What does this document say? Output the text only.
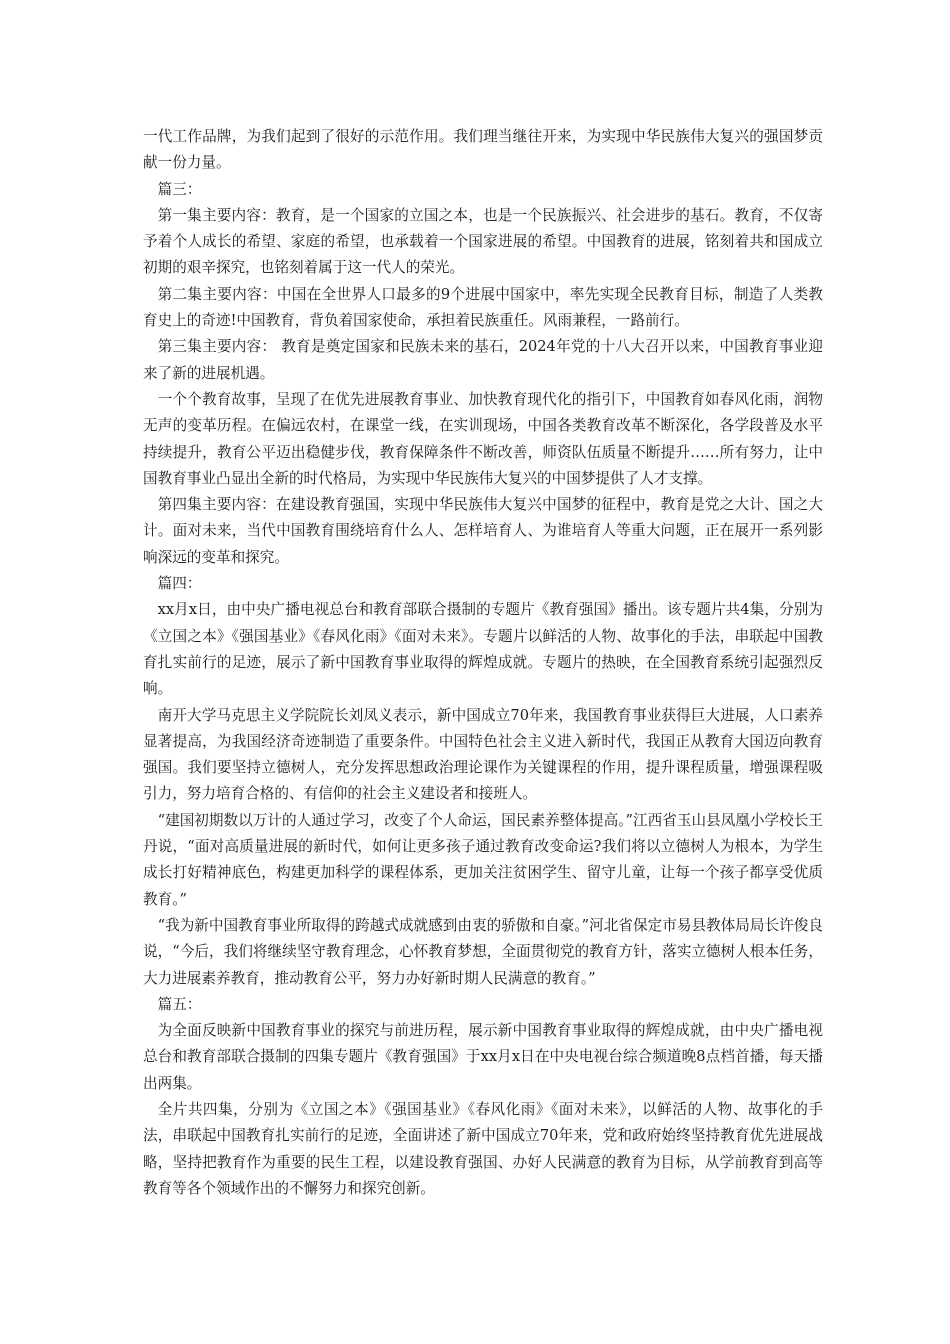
一代工作品牌，为我们起到了很好的示范作用。我们理当继往开来，为实现中华民族伟大复兴的强国梦贡献一份力量。

篇三：

第一集主要内容：教育，是一个国家的立国之本，也是一个民族振兴、社会进步的基石。教育，不仅寄予着个人成长的希望、家庭的希望，也承载着一个国家进展的希望。中国教育的进展，铭刻着共和国成立初期的艰辛探究，也铭刻着属于这一代人的荣光。

第二集主要内容：中国在全世界人口最多的9个进展中国家中，率先实现全民教育目标，制造了人类教育史上的奇迹!中国教育，背负着国家使命，承担着民族重任。风雨兼程，一路前行。

第三集主要内容： 教育是奠定国家和民族未来的基石，2024年党的十八大召开以来，中国教育事业迎来了新的进展机遇。

一个个教育故事，呈现了在优先进展教育事业、加快教育现代化的指引下，中国教育如春风化雨，润物无声的变革历程。在偏远农村，在课堂一线，在实训现场，中国各类教育改革不断深化，各学段普及水平持续提升，教育公平迈出稳健步伐，教育保障条件不断改善，师资队伍质量不断提升……所有努力，让中国教育事业凸显出全新的时代格局，为实现中华民族伟大复兴的中国梦提供了人才支撑。

第四集主要内容：在建设教育强国，实现中华民族伟大复兴中国梦的征程中，教育是党之大计、国之大计。面对未来，当代中国教育围绕培育什么人、怎样培育人、为谁培育人等重大问题，正在展开一系列影响深远的变革和探究。

篇四：

xx月x日，由中央广播电视总台和教育部联合摄制的专题片《教育强国》播出。该专题片共4集，分别为《立国之本》《强国基业》《春风化雨》《面对未来》。专题片以鲜活的人物、故事化的手法，串联起中国教育扎实前行的足迹，展示了新中国教育事业取得的辉煌成就。专题片的热映，在全国教育系统引起强烈反响。

南开大学马克思主义学院院长刘凤义表示，新中国成立70年来，我国教育事业获得巨大进展，人口素养显著提高，为我国经济奇迹制造了重要条件。中国特色社会主义进入新时代，我国正从教育大国迈向教育强国。我们要坚持立德树人，充分发挥思想政治理论课作为关键课程的作用，提升课程质量，增强课程吸引力，努力培育合格的、有信仰的社会主义建设者和接班人。

“建国初期数以万计的人通过学习，改变了个人命运，国民素养整体提高。”江西省玉山县凤凰小学校长王丹说，“面对高质量进展的新时代，如何让更多孩子通过教育改变命运?我们将以立德树人为根本，为学生成长打好精神底色，构建更加科学的课程体系，更加关注贫困学生、留守儿童，让每一个孩子都享受优质教育。”

“我为新中国教育事业所取得的跨越式成就感到由衷的骄傲和自豪。”河北省保定市易县教体局局长许俊良说，“今后，我们将继续坚守教育理念，心怀教育梦想，全面贯彻党的教育方针，落实立德树人根本任务，大力进展素养教育，推动教育公平，努力办好新时期人民满意的教育。”

篇五：

为全面反映新中国教育事业的探究与前进历程，展示新中国教育事业取得的辉煌成就，由中央广播电视总台和教育部联合摄制的四集专题片《教育强国》于xx月x日在中央电视台综合频道晚8点档首播，每天播出两集。

全片共四集，分别为《立国之本》《强国基业》《春风化雨》《面对未来》，以鲜活的人物、故事化的手法，串联起中国教育扎实前行的足迹，全面讲述了新中国成立70年来，党和政府始终坚持教育优先进展战略，坚持把教育作为重要的民生工程，以建设教育强国、办好人民满意的教育为目标，从学前教育到高等教育等各个领域作出的不懈努力和探究创新。
